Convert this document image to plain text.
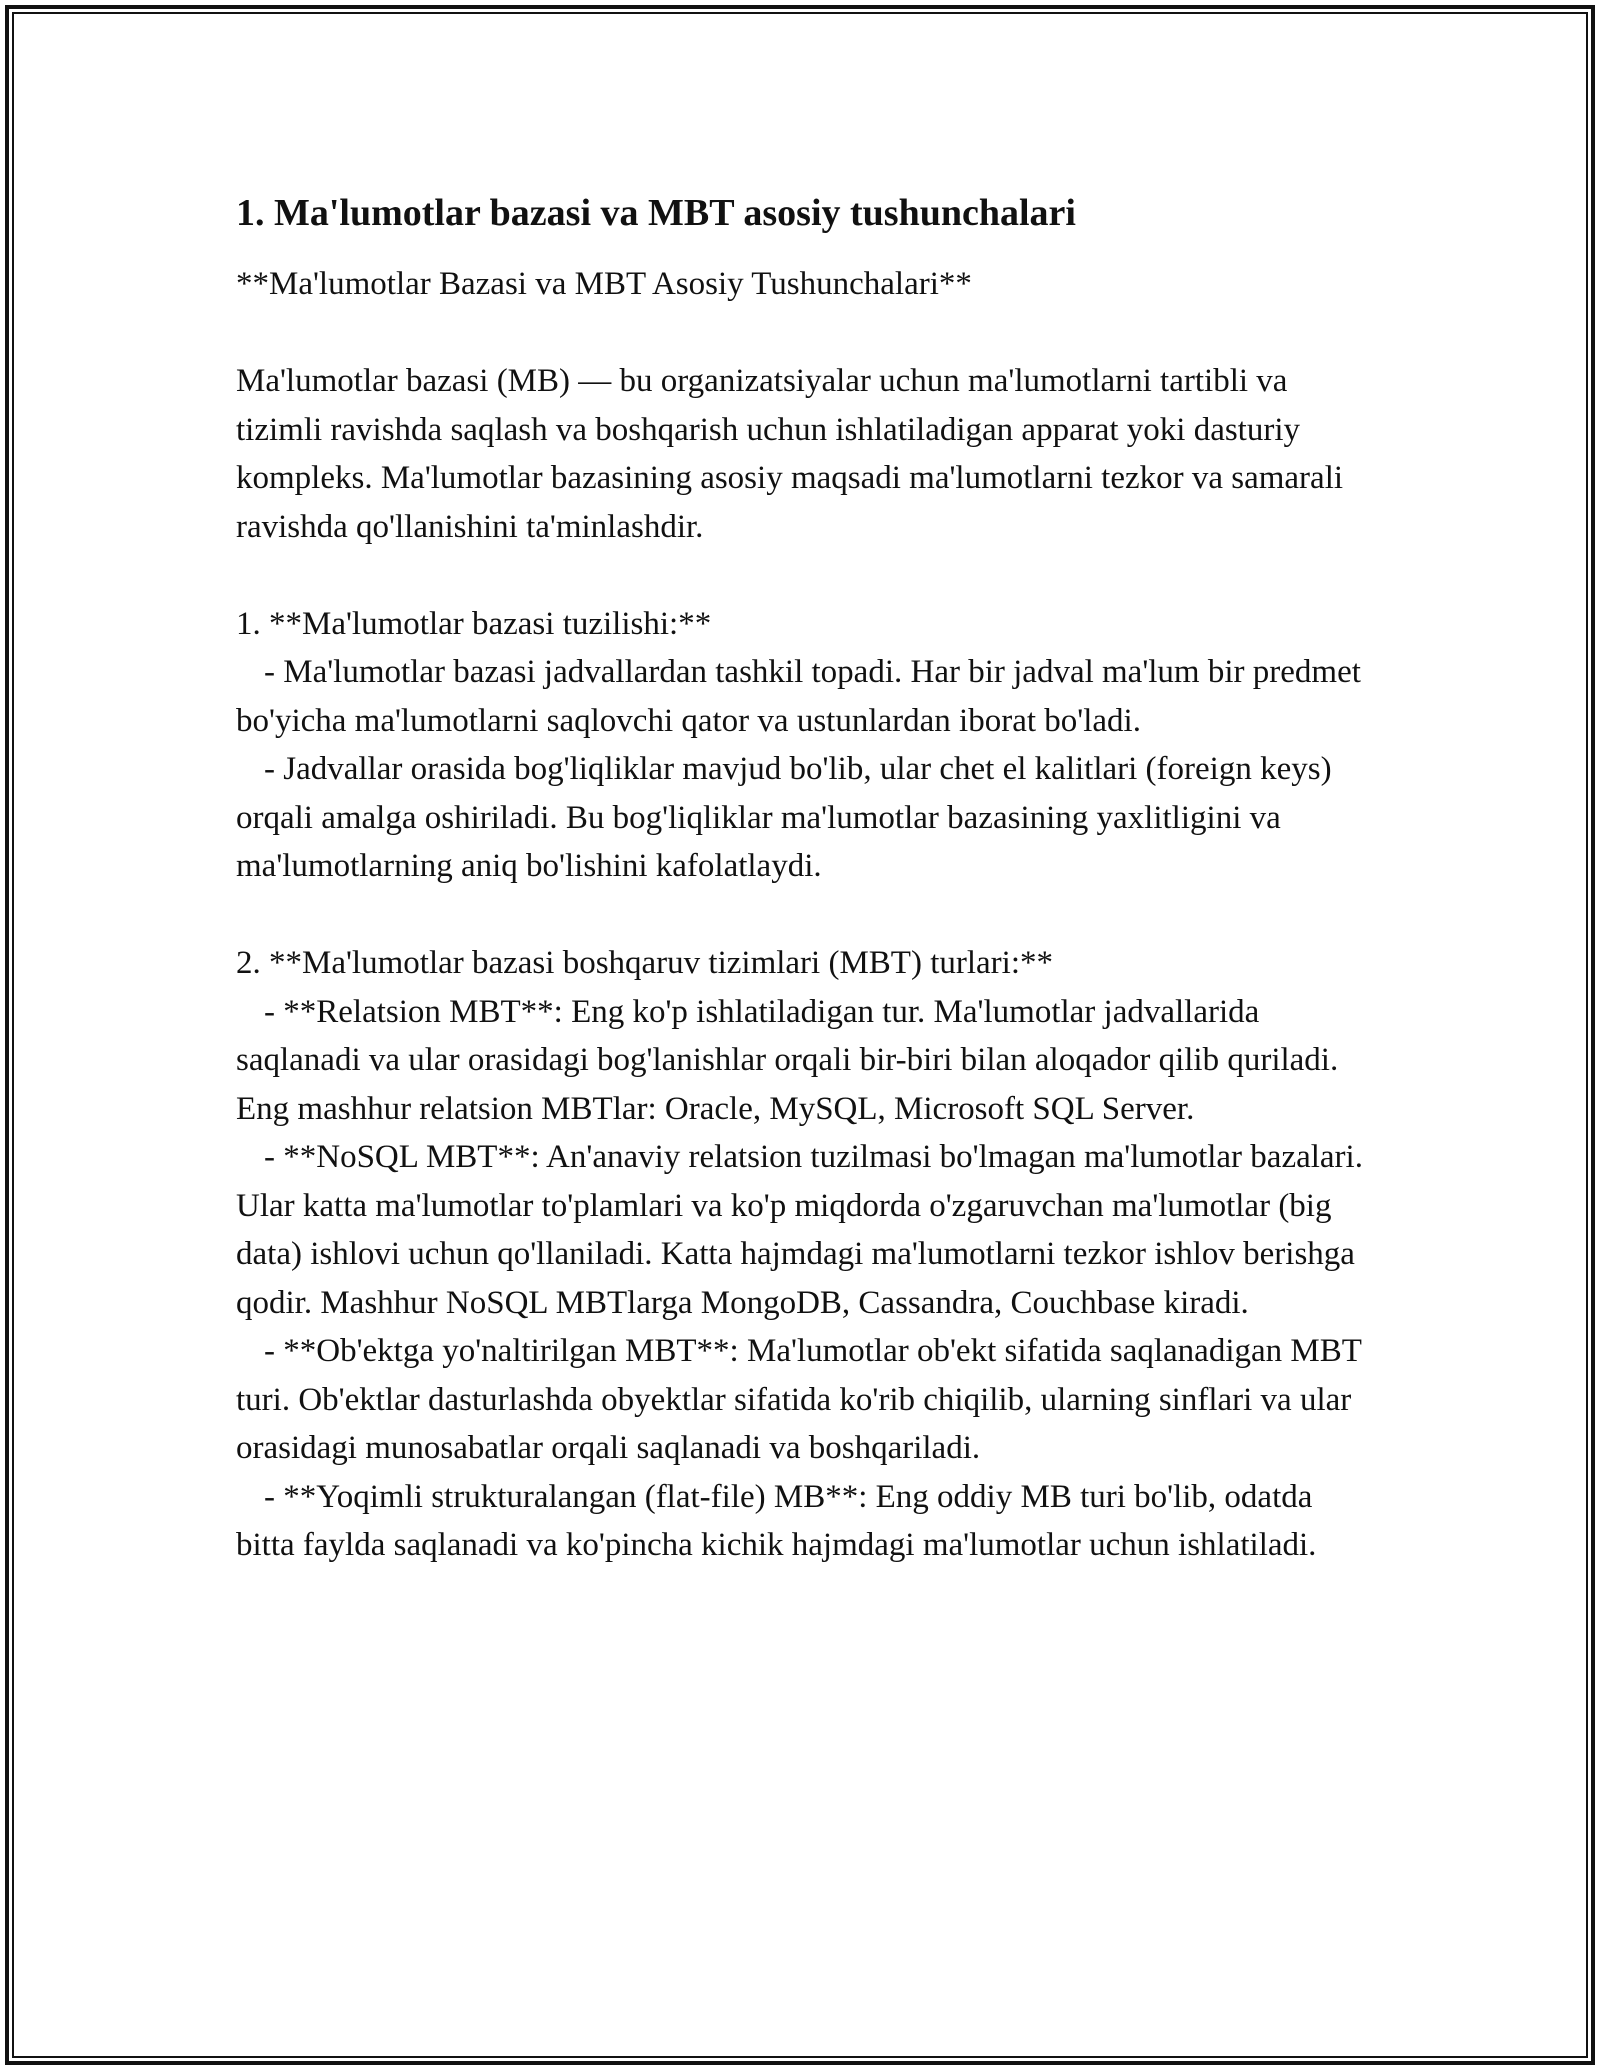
1. Ma'lumotlar bazasi va MBT asosiy tushunchalari

**Ma'lumotlar Bazasi va MBT Asosiy Tushunchalari**

Ma'lumotlar bazasi (MB) — bu organizatsiyalar uchun ma'lumotlarni tartibli va tizimli ravishda saqlash va boshqarish uchun ishlatiladigan apparat yoki dasturiy kompleks. Ma'lumotlar bazasining asosiy maqsadi ma'lumotlarni tezkor va samarali ravishda qo'llanishini ta'minlashdir.

1. **Ma'lumotlar bazasi tuzilishi:**

- Ma'lumotlar bazasi jadvallardan tashkil topadi. Har bir jadval ma'lum bir predmet bo'yicha ma'lumotlarni saqlovchi qator va ustunlardan iborat bo'ladi.

- Jadvallar orasida bog'liqliklar mavjud bo'lib, ular chet el kalitlari (foreign keys) orqali amalga oshiriladi. Bu bog'liqliklar ma'lumotlar bazasining yaxlitligini va ma'lumotlarning aniq bo'lishini kafolatlaydi.

2. **Ma'lumotlar bazasi boshqaruv tizimlari (MBT) turlari:**

- **Relatsion MBT**: Eng ko'p ishlatiladigan tur. Ma'lumotlar jadvallarida saqlanadi va ular orasidagi bog'lanishlar orqali bir-biri bilan aloqador qilib quriladi. Eng mashhur relatsion MBTlar: Oracle, MySQL, Microsoft SQL Server.

- **NoSQL MBT**: An'anaviy relatsion tuzilmasi bo'lmagan ma'lumotlar bazalari. Ular katta ma'lumotlar to'plamlari va ko'p miqdorda o'zgaruvchan ma'lumotlar (big data) ishlovi uchun qo'llaniladi. Katta hajmdagi ma'lumotlarni tezkor ishlov berishga qodir. Mashhur NoSQL MBTlarga MongoDB, Cassandra, Couchbase kiradi.

- **Ob'ektga yo'naltirilgan MBT**: Ma'lumotlar ob'ekt sifatida saqlanadigan MBT turi. Ob'ektlar dasturlashda obyektlar sifatida ko'rib chiqilib, ularning sinflari va ular orasidagi munosabatlar orqali saqlanadi va boshqariladi.

- **Yoqimli strukturalangan (flat-file) MB**: Eng oddiy MB turi bo'lib, odatda bitta faylda saqlanadi va ko'pincha kichik hajmdagi ma'lumotlar uchun ishlatiladi.
